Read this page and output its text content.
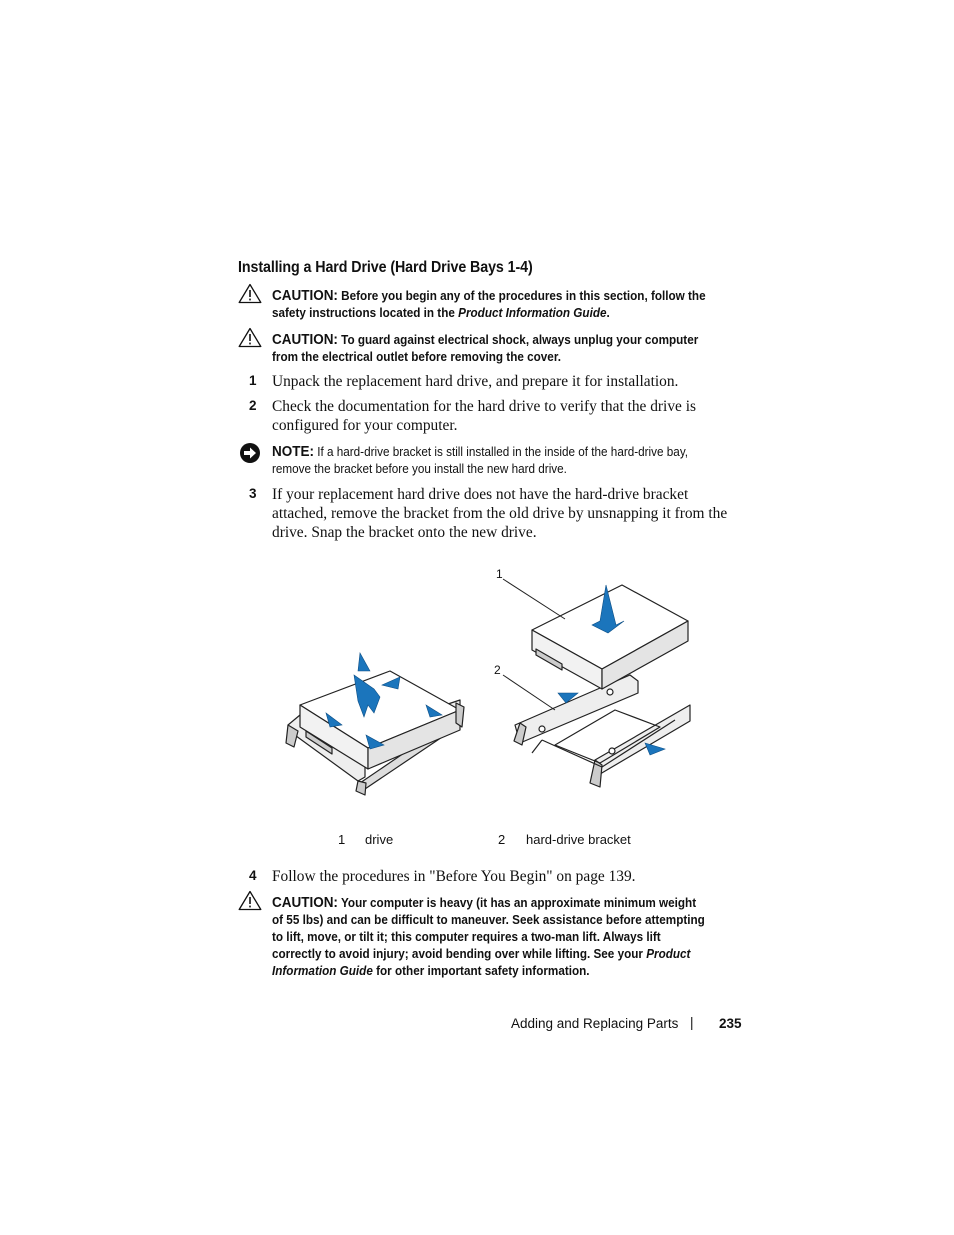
Installing a Hard Drive (Hard Drive Bays 1-4)
CAUTION: Before you begin any of the procedures in this section, follow the safety instructions located in the Product Information Guide.
CAUTION: To guard against electrical shock, always unplug your computer from the electrical outlet before removing the cover.
1 Unpack the replacement hard drive, and prepare it for installation.
2 Check the documentation for the hard drive to verify that the drive is configured for your computer.
NOTE: If a hard-drive bracket is still installed in the inside of the hard-drive bay, remove the bracket before you install the new hard drive.
3 If your replacement hard drive does not have the hard-drive bracket attached, remove the bracket from the old drive by unsnapping it from the drive. Snap the bracket onto the new drive.
1
2
1 drive	2 hard-drive bracket
4 Follow the procedures in "Before You Begin" on page 139.
CAUTION: Your computer is heavy (it has an approximate minimum weight of 55 lbs) and can be difficult to maneuver. Seek assistance before attempting to lift, move, or tilt it; this computer requires a two-man lift. Always lift correctly to avoid injury; avoid bending over while lifting. See your Product Information Guide for other important safety information.
Adding and Replacing Parts | 235
